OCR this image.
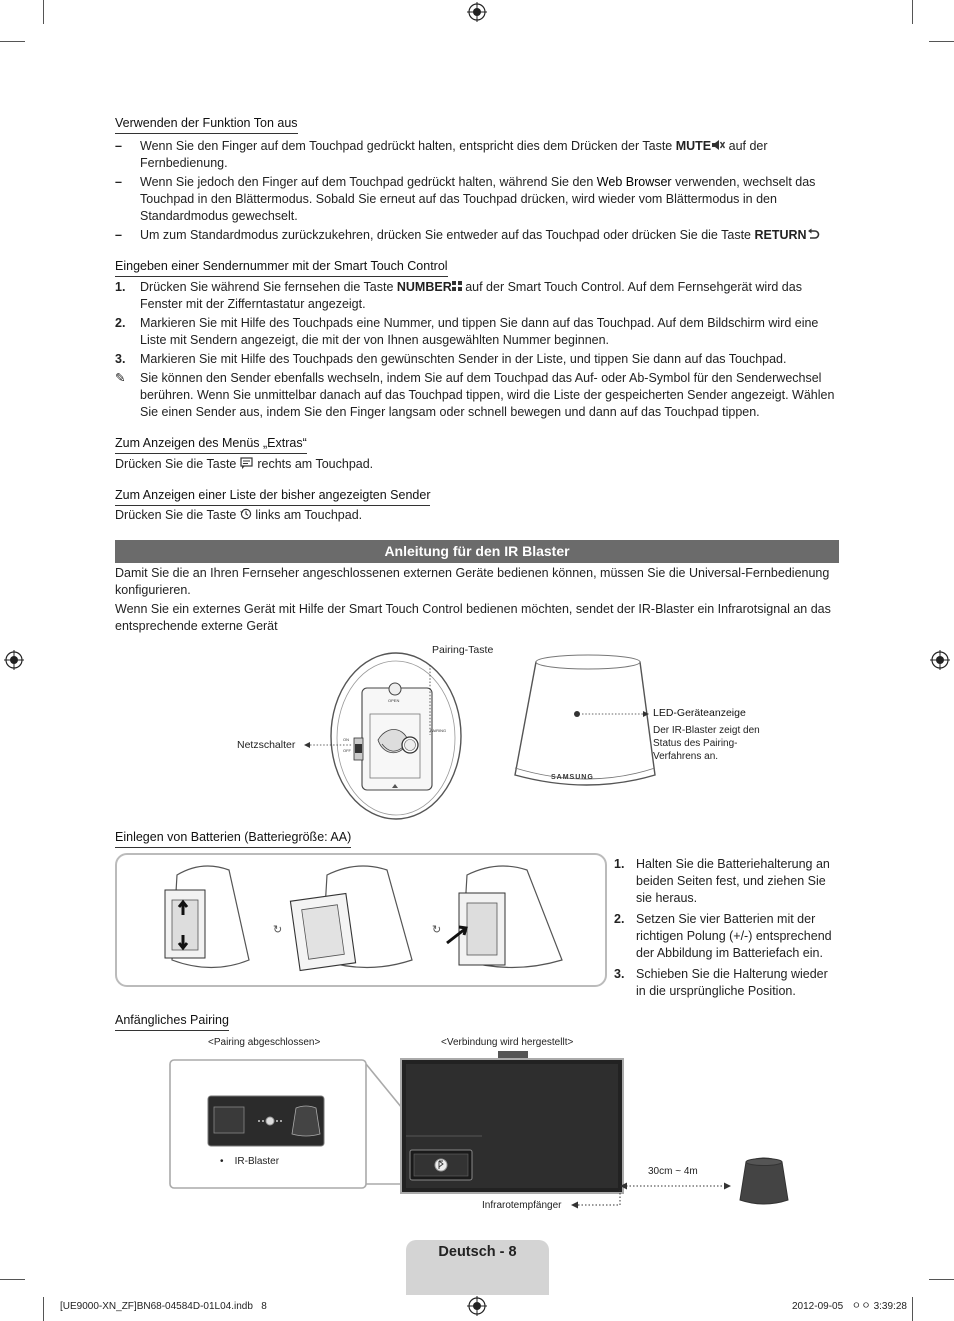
Verwenden der Funktion Ton aus
–	Wenn Sie den Finger auf dem Touchpad gedrückt halten, entspricht dies dem Drücken der Taste MUTE auf der Fernbedienung.
–	Wenn Sie jedoch den Finger auf dem Touchpad gedrückt halten, während Sie den Web Browser verwenden, wechselt das Touchpad in den Blättermodus. Sobald Sie erneut auf das Touchpad drücken, wird wieder vom Blättermodus in den Standardmodus gewechselt.
–	Um zum Standardmodus zurückzukehren, drücken Sie entweder auf das Touchpad oder drücken Sie die Taste RETURN
Eingeben einer Sendernummer mit der Smart Touch Control
1.	Drücken Sie während Sie fernsehen die Taste NUMBER auf der Smart Touch Control. Auf dem Fernsehgerät wird das Fenster mit der Zifferntastatur angezeigt.
2.	Markieren Sie mit Hilfe des Touchpads eine Nummer, und tippen Sie dann auf das Touchpad. Auf dem Bildschirm wird eine Liste mit Sendern angezeigt, die mit der von Ihnen ausgewählten Nummer beginnen.
3.	Markieren Sie mit Hilfe des Touchpads den gewünschten Sender in der Liste, und tippen Sie dann auf das Touchpad.
✎	Sie können den Sender ebenfalls wechseln, indem Sie auf dem Touchpad das Auf- oder Ab-Symbol für den Senderwechsel berühren. Wenn Sie unmittelbar danach auf das Touchpad tippen, wird die Liste der gespeicherten Sender angezeigt. Wählen Sie einen Sender aus, indem Sie den Finger langsam oder schnell bewegen und dann auf das Touchpad tippen.
Zum Anzeigen des Menüs „Extras“
Drücken Sie die Taste rechts am Touchpad.
Zum Anzeigen einer Liste der bisher angezeigten Sender
Drücken Sie die Taste links am Touchpad.
Anleitung für den IR Blaster
Damit Sie die an Ihren Fernseher angeschlossenen externen Geräte bedienen können, müssen Sie die Universal-Fernbedienung konfigurieren.
Wenn Sie ein externes Gerät mit Hilfe der Smart Touch Control bedienen möchten, sendet der IR-Blaster ein Infrarotsignal an das entsprechende externe Gerät
Pairing-Taste
Netzschalter
OPEN
PAIRING
ON
OFF
SAMSUNG
LED-Geräteanzeige
Der IR-Blaster zeigt den Status des Pairing-Verfahrens an.
Einlegen von Batterien (Batteriegröße: AA)
↻	↻
1. Halten Sie die Batteriehalterung an beiden Seiten fest, und ziehen Sie sie heraus.
2. Setzen Sie vier Batterien mit der richtigen Polung (+/-) entsprechend der Abbildung im Batteriefach ein.
3. Schieben Sie die Halterung wieder in die ursprüngliche Position.
Anfängliches Pairing
<Pairing abgeschlossen>	<Verbindung wird hergestellt>
•    IR-Blaster
30cm ~ 4m
Infrarotempfänger
Deutsch - 8
[UE9000-XN_ZF]BN68-04584D-01L04.indb   8	2012-09-05   ㅇㅇ 3:39:28
